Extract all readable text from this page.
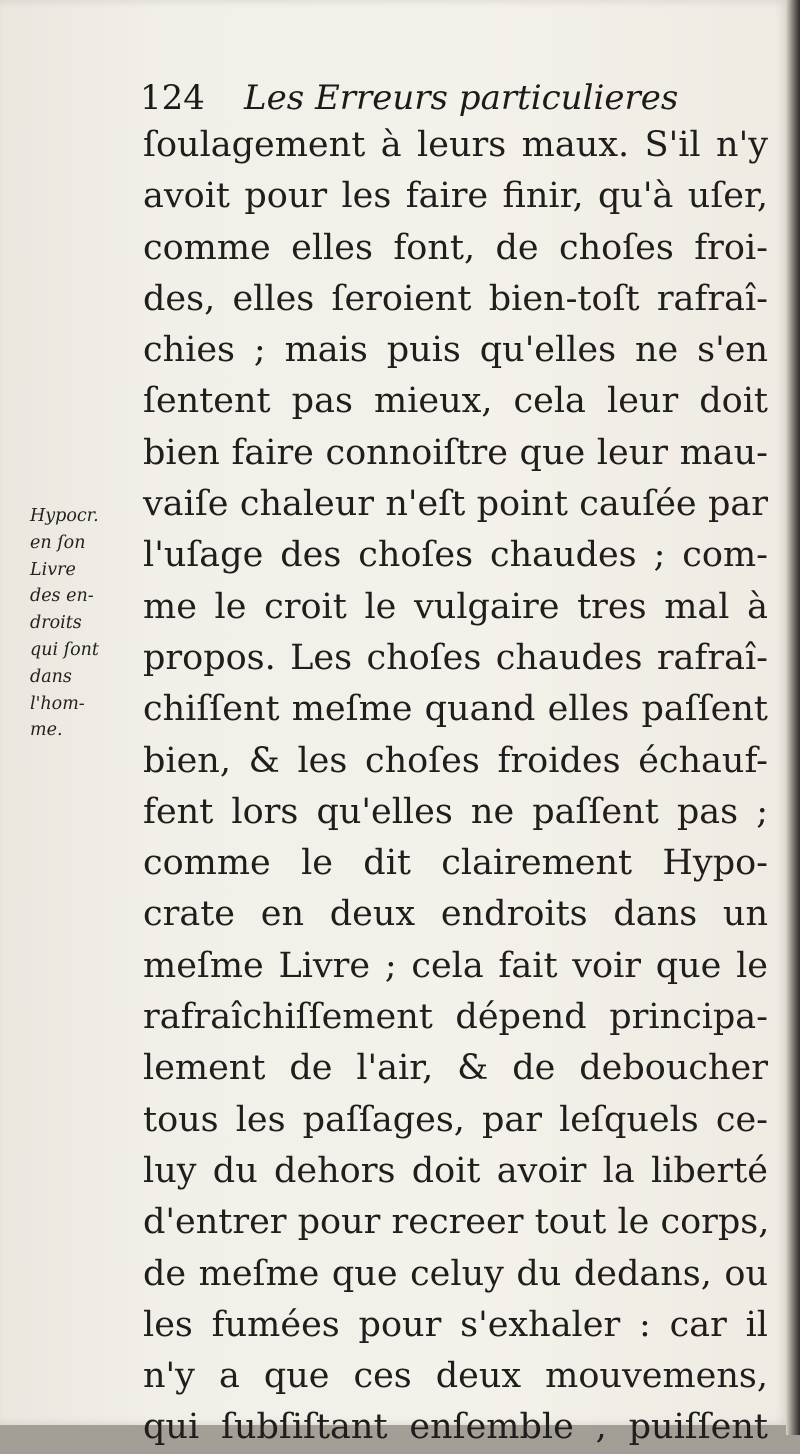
124 Les Erreurs particulieres
ſoulagement à leurs maux. S'il n'y
avoit pour les faire finir, qu'à uſer,
comme elles font, de choſes froi-
des, elles ſeroient bien-toſt rafraî-
chies ; mais puis qu'elles ne s'en
ſentent pas mieux, cela leur doit
bien faire connoiſtre que leur mau-
vaiſe chaleur n'eſt point cauſée par
l'uſage des choſes chaudes ; com-
me le croit le vulgaire tres mal à
propos. Les choſes chaudes rafraî-
chiſſent meſme quand elles paſſent
bien, & les choſes froides échauf-
fent lors qu'elles ne paſſent pas ;
comme le dit clairement Hypo-
crate en deux endroits dans un
meſme Livre ; cela fait voir que le
rafraîchiſſement dépend principa-
lement de l'air, & de deboucher
tous les paſſages, par leſquels ce-
luy du dehors doit avoir la liberté
d'entrer pour recreer tout le corps,
de meſme que celuy du dedans, ou
les fumées pour s'exhaler : car il
n'y a que ces deux mouvemens,
qui ſubſiſtant enſemble , puiſſent
Hypocr.
en ſon
Livre
des en-
droits
qui ſont
dans
l'hom-
me.
